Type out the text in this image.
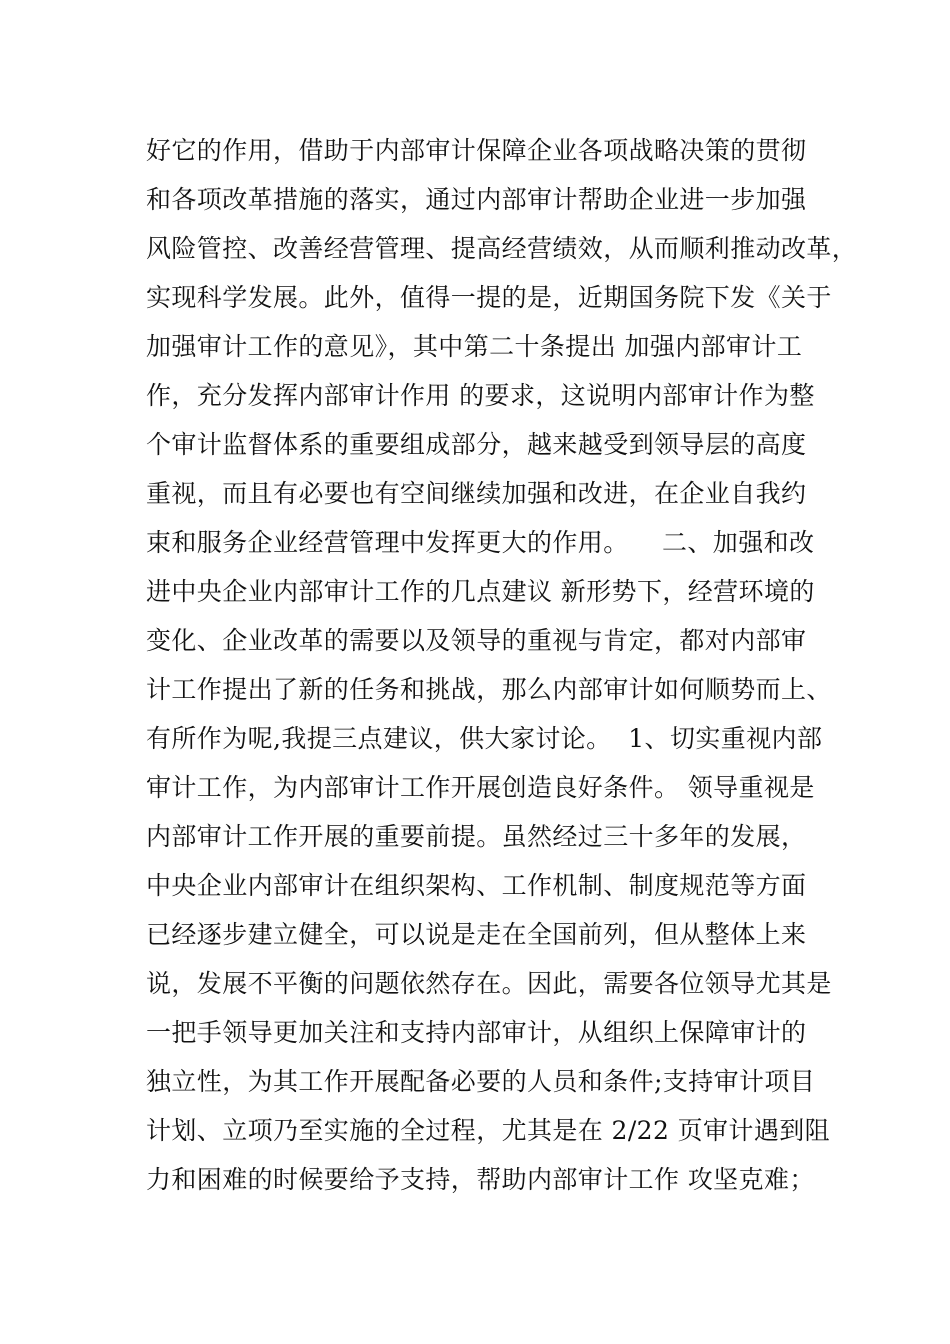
好它的作用，借助于内部审计保障企业各项战略决策的贯彻
和各项改革措施的落实，通过内部审计帮助企业进一步加强
风险管控、改善经营管理、提高经营绩效，从而顺利推动改革，
实现科学发展。此外，值得一提的是，近期国务院下发《关于
加强审计工作的意见》，其中第二十条提出 加强内部审计工
作，充分发挥内部审计作用 的要求，这说明内部审计作为整
个审计监督体系的重要组成部分，越来越受到领导层的高度
重视，而且有必要也有空间继续加强和改进，在企业自我约
束和服务企业经营管理中发挥更大的作用。    二、加强和改
进中央企业内部审计工作的几点建议 新形势下，经营环境的
变化、企业改革的需要以及领导的重视与肯定，都对内部审
计工作提出了新的任务和挑战，那么内部审计如何顺势而上、
有所作为呢,我提三点建议，供大家讨论。  1、切实重视内部
审计工作，为内部审计工作开展创造良好条件。 领导重视是
内部审计工作开展的重要前提。虽然经过三十多年的发展，
中央企业内部审计在组织架构、工作机制、制度规范等方面
已经逐步建立健全，可以说是走在全国前列，但从整体上来
说，发展不平衡的问题依然存在。因此，需要各位领导尤其是
一把手领导更加关注和支持内部审计，从组织上保障审计的
独立性，为其工作开展配备必要的人员和条件;支持审计项目
计划、立项乃至实施的全过程，尤其是在 2/22 页审计遇到阻
力和困难的时候要给予支持，帮助内部审计工作 攻坚克难；
